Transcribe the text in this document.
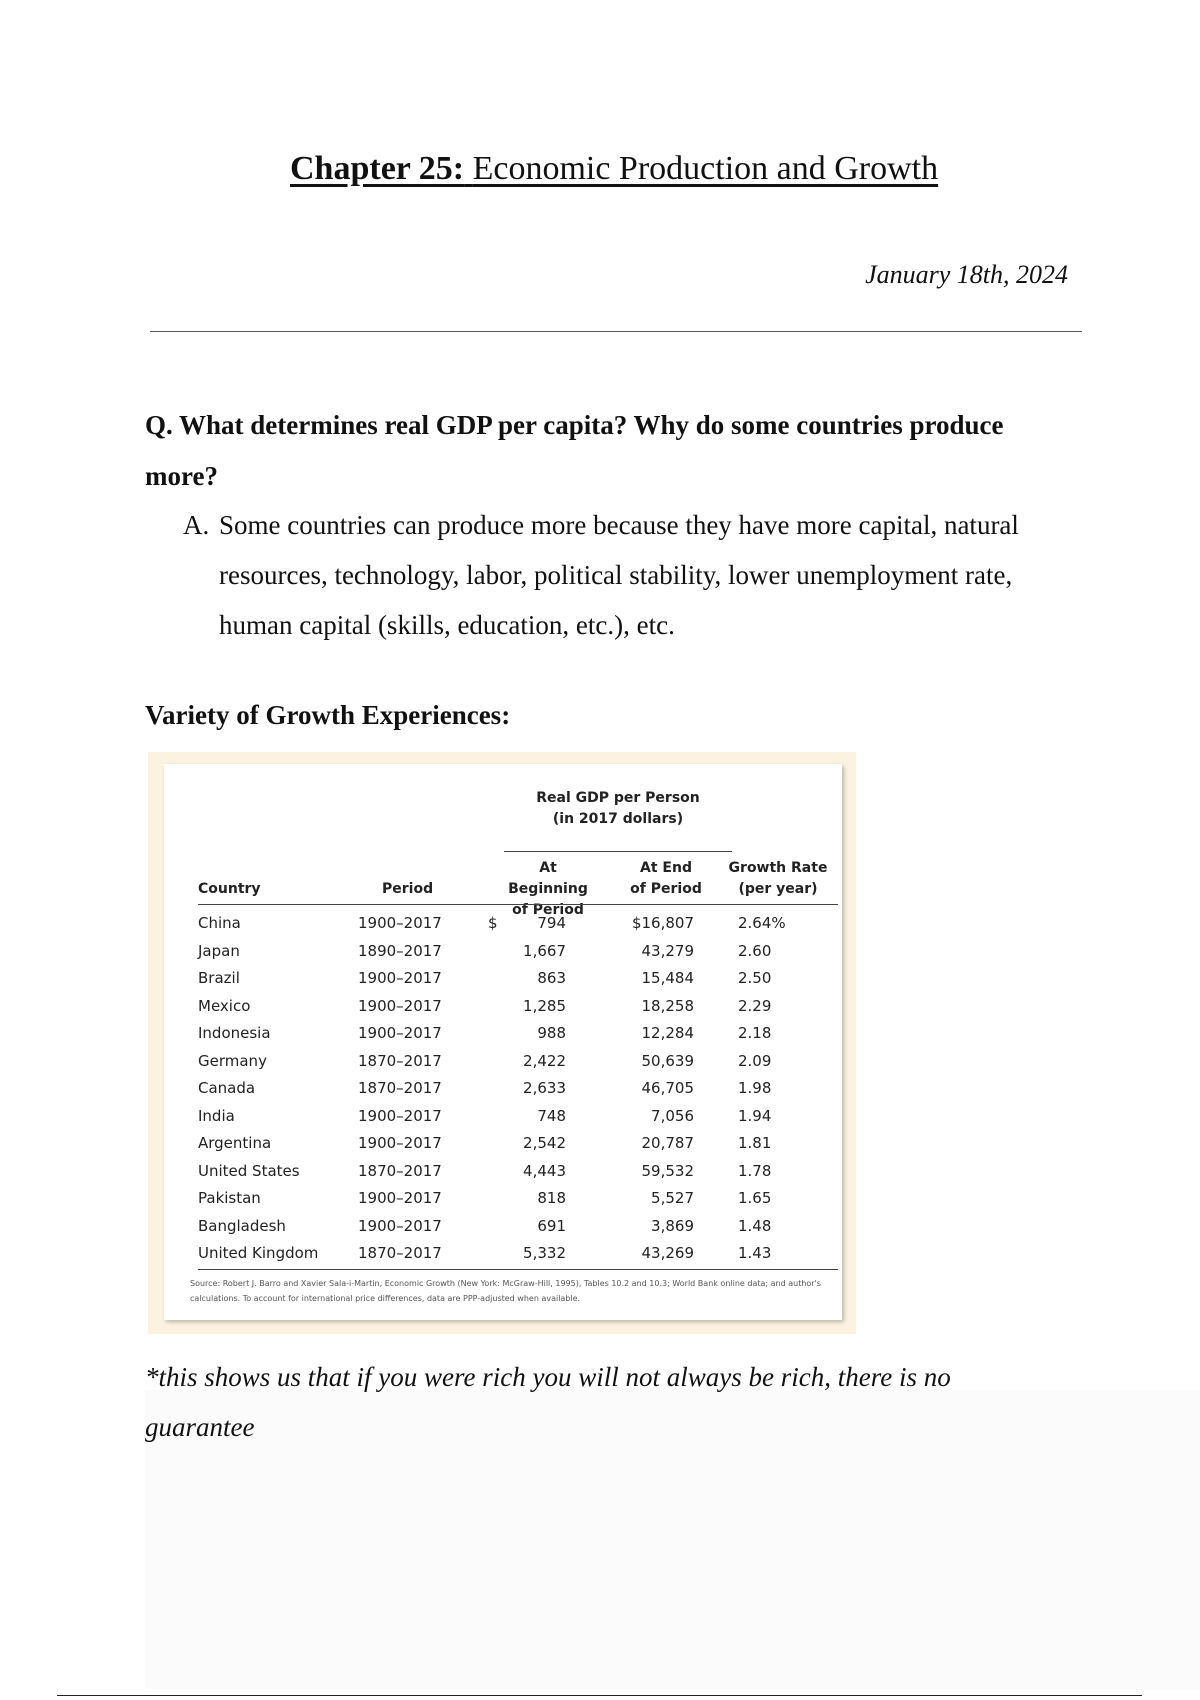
Chapter 25: Economic Production and Growth
January 18th, 2024
Q. What determines real GDP per capita? Why do some countries produce more?
A. Some countries can produce more because they have more capital, natural resources, technology, labor, political stability, lower unemployment rate, human capital (skills, education, etc.), etc.
Variety of Growth Experiences:
Real GDP per Person
(in 2017 dollars)
Country	Period
At Beginning
of Period
At End
of Period
Growth Rate
(per year)
China	1900–2017	$	794	$16,807	2.64%
Japan	1890–2017	1,667	43,279	2.60
Brazil	1900–2017	863	15,484	2.50
Mexico	1900–2017	1,285	18,258	2.29
Indonesia	1900–2017	988	12,284	2.18
Germany	1870–2017	2,422	50,639	2.09
Canada	1870–2017	2,633	46,705	1.98
India	1900–2017	748	7,056	1.94
Argentina	1900–2017	2,542	20,787	1.81
United States	1870–2017	4,443	59,532	1.78
Pakistan	1900–2017	818	5,527	1.65
Bangladesh	1900–2017	691	3,869	1.48
United Kingdom	1870–2017	5,332	43,269	1.43
Source: Robert J. Barro and Xavier Sala-i-Martin, Economic Growth (New York: McGraw-Hill, 1995), Tables 10.2 and 10.3; World Bank online data; and author's calculations. To account for international price differences, data are PPP-adjusted when available.
*this shows us that if you were rich you will not always be rich, there is no guarantee
